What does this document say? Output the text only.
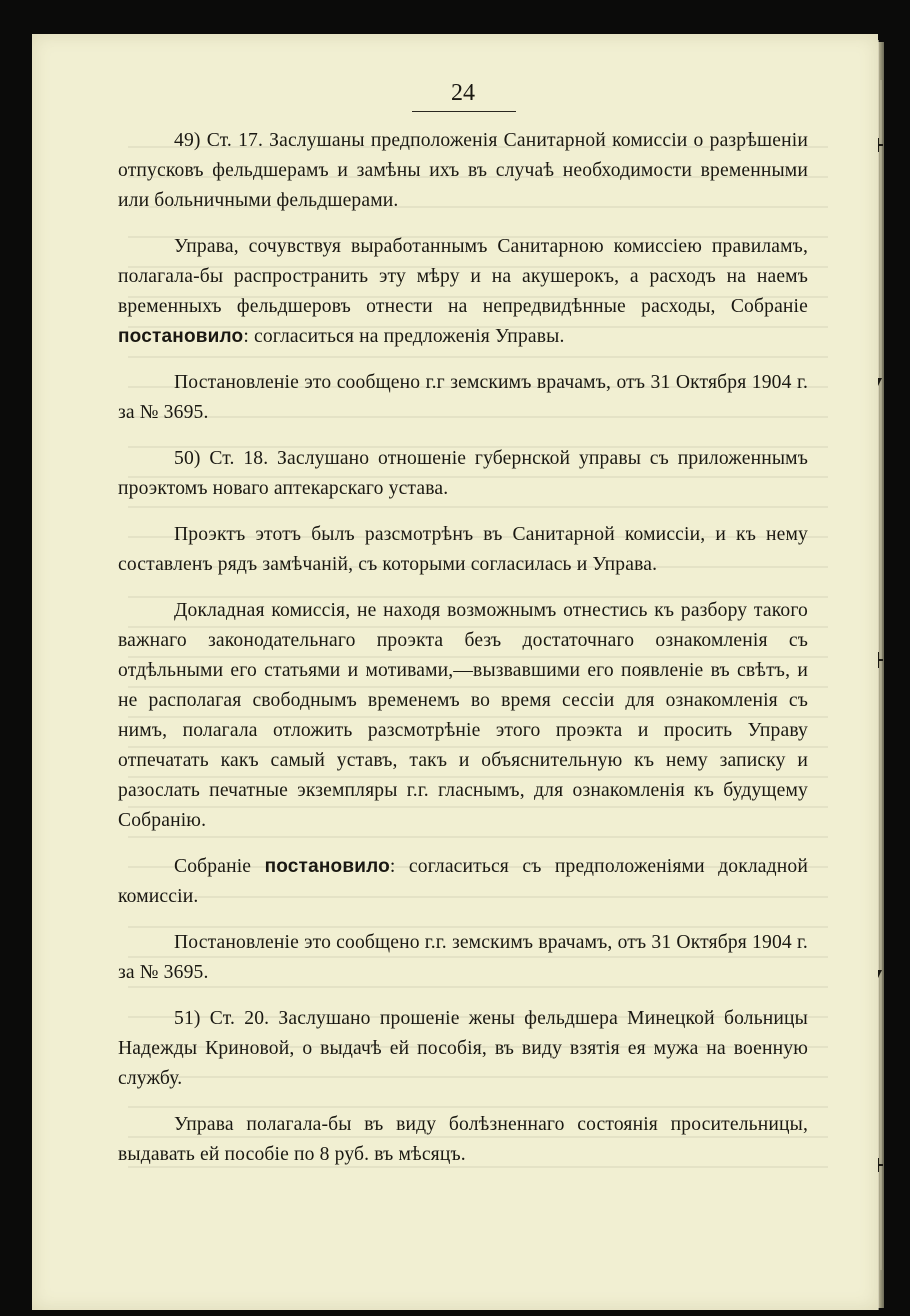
24

49) Ст. 17. Заслушаны предположенія Санитарной комиссіи о разрѣшеніи отпусковъ фельдшерамъ и замѣны ихъ въ случаѣ необходимости временными или больничными фельдшерами.

Управа, сочувствуя выработаннымъ Санитарною комиссіею правиламъ, полагала-бы распространить эту мѣру и на акушерокъ, а расходъ на наемъ временныхъ фельдшеровъ отнести на непредвидѣнные расходы, Собраніе постановило: согласиться на предложенія Управы.

Постановленіе это сообщено г.г земскимъ врачамъ, отъ 31 Октября 1904 г. за № 3695.

50) Ст. 18. Заслушано отношеніе губернской управы съ приложеннымъ проэктомъ новаго аптекарскаго устава.

Проэктъ этотъ былъ разсмотрѣнъ въ Санитарной комиссіи, и къ нему составленъ рядъ замѣчаній, съ которыми согласилась и Управа.

Докладная комиссія, не находя возможнымъ отнестись къ разбору такого важнаго законодательнаго проэкта безъ достаточнаго ознакомленія съ отдѣльными его статьями и мотивами,—вызвавшими его появленіе въ свѣтъ, и не располагая свободнымъ временемъ во время сессіи для ознакомленія съ нимъ, полагала отложить разсмотрѣніе этого проэкта и просить Управу отпечатать какъ самый уставъ, такъ и объяснительную къ нему записку и разослать печатные экземпляры г.г. гласнымъ, для ознакомленія къ будущему Собранію.

Собраніе постановило: согласиться съ предположеніями докладной комиссіи.

Постановленіе это сообщено г.г. земскимъ врачамъ, отъ 31 Октября 1904 г. за № 3695.

51) Ст. 20. Заслушано прошеніе жены фельдшера Минецкой больницы Надежды Криновой, о выдачѣ ей пособія, въ виду взятія ея мужа на военную службу.

Управа полагала-бы въ виду болѣзненнаго состоянія просительницы, выдавать ей пособіе по 8 руб. въ мѣсяцъ.
